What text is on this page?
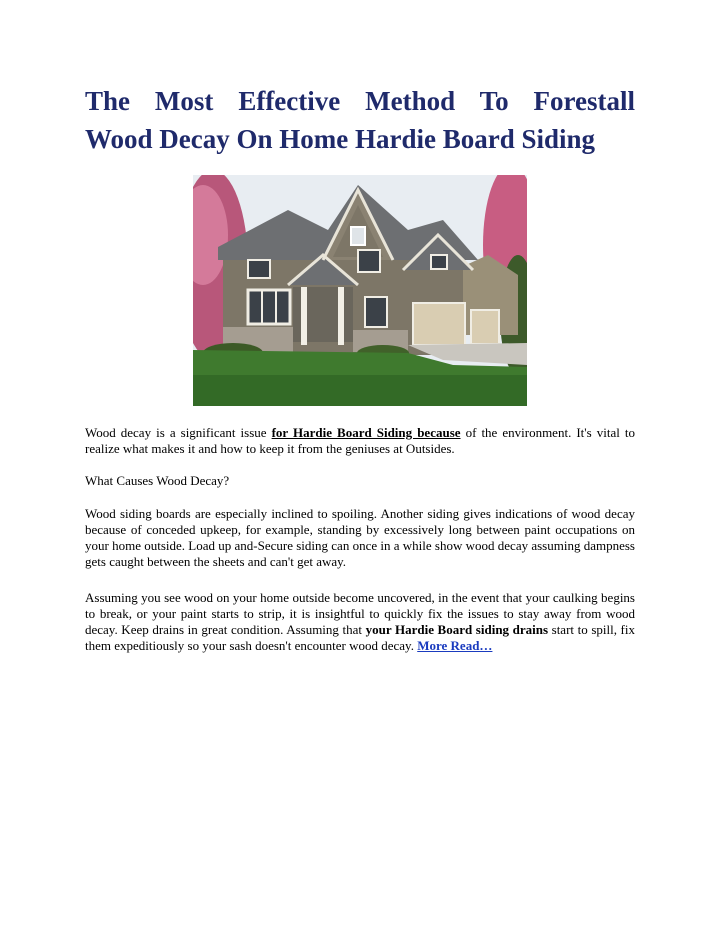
The Most Effective Method To Forestall
Wood Decay On Home Hardie Board Siding

Wood decay is a significant issue for Hardie Board Siding because of the environment. It's vital to realize what makes it and how to keep it from the geniuses at Outsides.

What Causes Wood Decay?

Wood siding boards are especially inclined to spoiling. Another siding gives indications of wood decay because of conceded upkeep, for example, standing by excessively long between paint occupations on your home outside. Load up and-Secure siding can once in a while show wood decay assuming dampness gets caught between the sheets and can't get away.

Assuming you see wood on your home outside become uncovered, in the event that your caulking begins to break, or your paint starts to strip, it is insightful to quickly fix the issues to stay away from wood decay. Keep drains in great condition. Assuming that your Hardie Board siding drains start to spill, fix them expeditiously so your sash doesn't encounter wood decay. More Read…
